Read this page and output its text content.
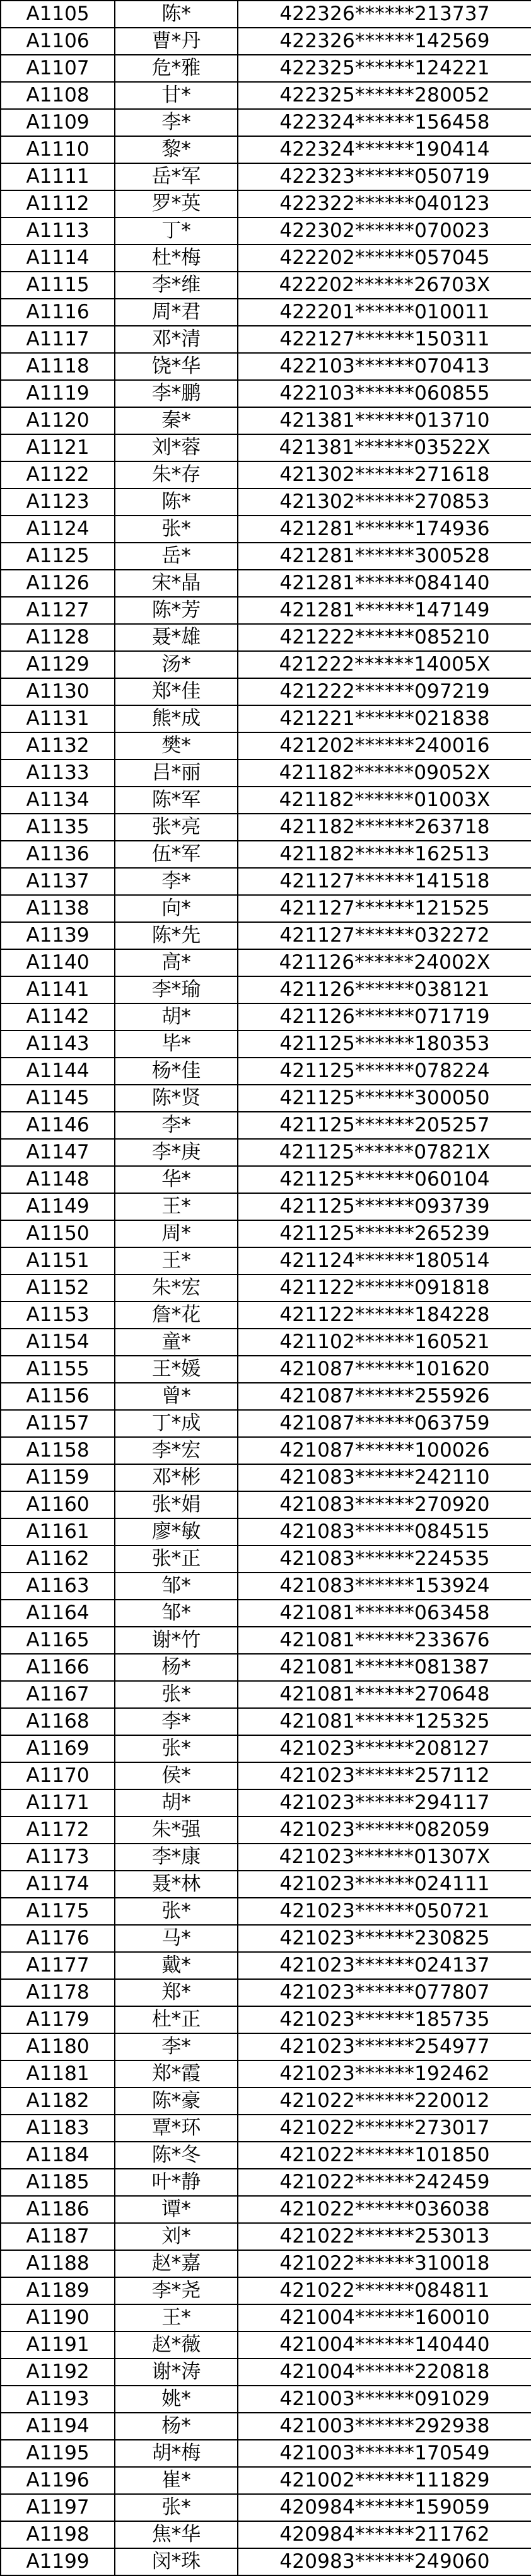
A1105	陈*	422326******213737
A1106	曹*丹	422326******142569
A1107	危*雅	422325******124221
A1108	甘*	422325******280052
A1109	李*	422324******156458
A1110	黎*	422324******190414
A1111	岳*军	422323******050719
A1112	罗*英	422322******040123
A1113	丁*	422302******070023
A1114	杜*梅	422202******057045
A1115	李*维	422202******26703X
A1116	周*君	422201******010011
A1117	邓*清	422127******150311
A1118	饶*华	422103******070413
A1119	李*鹏	422103******060855
A1120	秦*	421381******013710
A1121	刘*蓉	421381******03522X
A1122	朱*存	421302******271618
A1123	陈*	421302******270853
A1124	张*	421281******174936
A1125	岳*	421281******300528
A1126	宋*晶	421281******084140
A1127	陈*芳	421281******147149
A1128	聂*雄	421222******085210
A1129	汤*	421222******14005X
A1130	郑*佳	421222******097219
A1131	熊*成	421221******021838
A1132	樊*	421202******240016
A1133	吕*丽	421182******09052X
A1134	陈*军	421182******01003X
A1135	张*亮	421182******263718
A1136	伍*军	421182******162513
A1137	李*	421127******141518
A1138	向*	421127******121525
A1139	陈*先	421127******032272
A1140	高*	421126******24002X
A1141	李*瑜	421126******038121
A1142	胡*	421126******071719
A1143	毕*	421125******180353
A1144	杨*佳	421125******078224
A1145	陈*贤	421125******300050
A1146	李*	421125******205257
A1147	李*庚	421125******07821X
A1148	华*	421125******060104
A1149	王*	421125******093739
A1150	周*	421125******265239
A1151	王*	421124******180514
A1152	朱*宏	421122******091818
A1153	詹*花	421122******184228
A1154	童*	421102******160521
A1155	王*媛	421087******101620
A1156	曾*	421087******255926
A1157	丁*成	421087******063759
A1158	李*宏	421087******100026
A1159	邓*彬	421083******242110
A1160	张*娟	421083******270920
A1161	廖*敏	421083******084515
A1162	张*正	421083******224535
A1163	邹*	421083******153924
A1164	邹*	421081******063458
A1165	谢*竹	421081******233676
A1166	杨*	421081******081387
A1167	张*	421081******270648
A1168	李*	421081******125325
A1169	张*	421023******208127
A1170	侯*	421023******257112
A1171	胡*	421023******294117
A1172	朱*强	421023******082059
A1173	李*康	421023******01307X
A1174	聂*林	421023******024111
A1175	张*	421023******050721
A1176	马*	421023******230825
A1177	戴*	421023******024137
A1178	郑*	421023******077807
A1179	杜*正	421023******185735
A1180	李*	421023******254977
A1181	郑*霞	421023******192462
A1182	陈*豪	421022******220012
A1183	覃*环	421022******273017
A1184	陈*冬	421022******101850
A1185	叶*静	421022******242459
A1186	谭*	421022******036038
A1187	刘*	421022******253013
A1188	赵*嘉	421022******310018
A1189	李*尧	421022******084811
A1190	王*	421004******160010
A1191	赵*薇	421004******140440
A1192	谢*涛	421004******220818
A1193	姚*	421003******091029
A1194	杨*	421003******292938
A1195	胡*梅	421003******170549
A1196	崔*	421002******111829
A1197	张*	420984******159059
A1198	焦*华	420984******211762
A1199	闵*珠	420983******249060
